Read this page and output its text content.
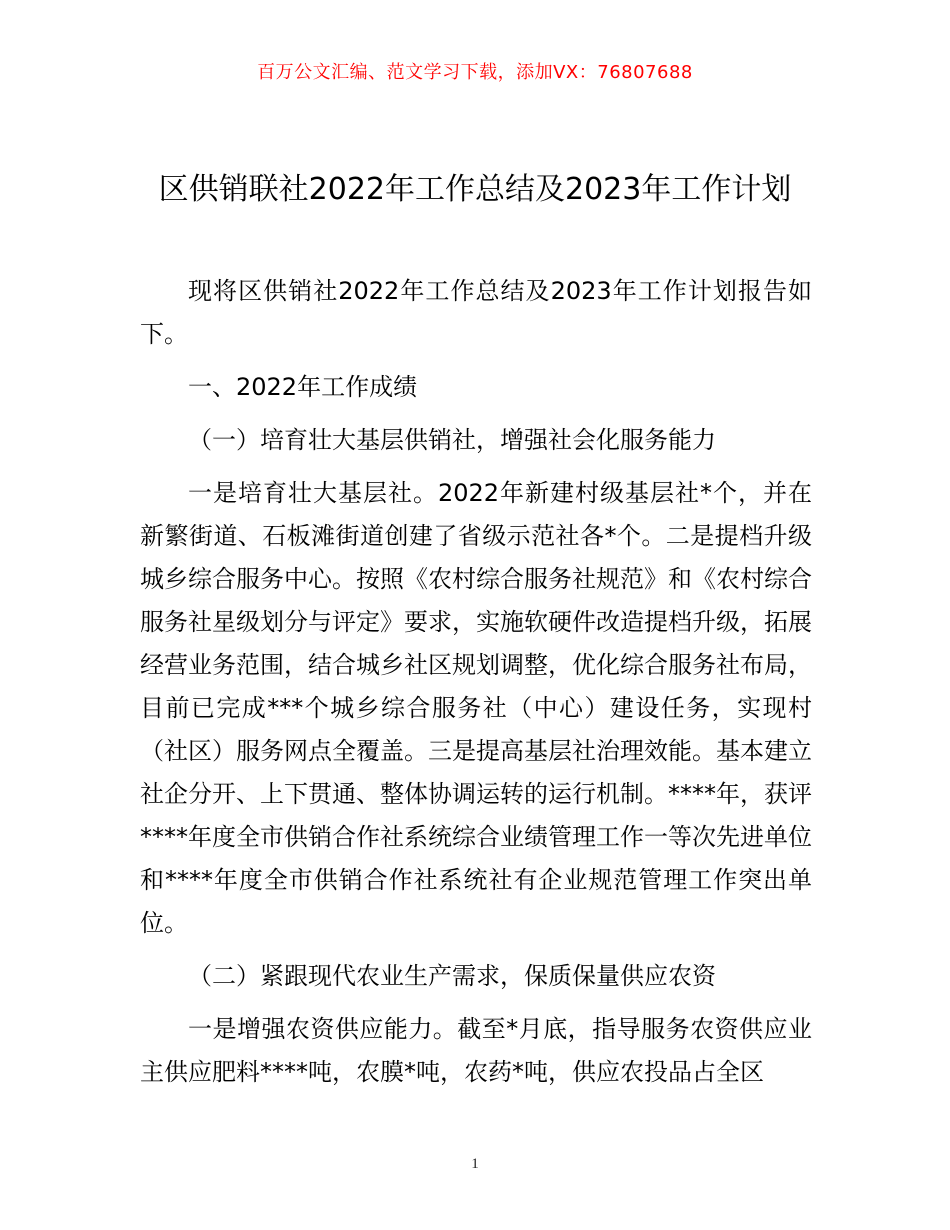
百万公文汇编、范文学习下载，添加VX：76807688
区供销联社2022年工作总结及2023年工作计划

现将区供销社2022年工作总结及2023年工作计划报告如下。

一、2022年工作成绩

（一）培育壮大基层供销社，增强社会化服务能力

一是培育壮大基层社。2022年新建村级基层社*个，并在新繁街道、石板滩街道创建了省级示范社各*个。二是提档升级城乡综合服务中心。按照《农村综合服务社规范》和《农村综合服务社星级划分与评定》要求，实施软硬件改造提档升级，拓展经营业务范围，结合城乡社区规划调整，优化综合服务社布局，目前已完成***个城乡综合服务社（中心）建设任务，实现村（社区）服务网点全覆盖。三是提高基层社治理效能。基本建立社企分开、上下贯通、整体协调运转的运行机制。****年，获评****年度全市供销合作社系统综合业绩管理工作一等次先进单位和****年度全市供销合作社系统社有企业规范管理工作突出单位。

（二）紧跟现代农业生产需求，保质保量供应农资

一是增强农资供应能力。截至*月底，指导服务农资供应业主供应肥料****吨，农膜*吨，农药*吨，供应农投品占全区

1
